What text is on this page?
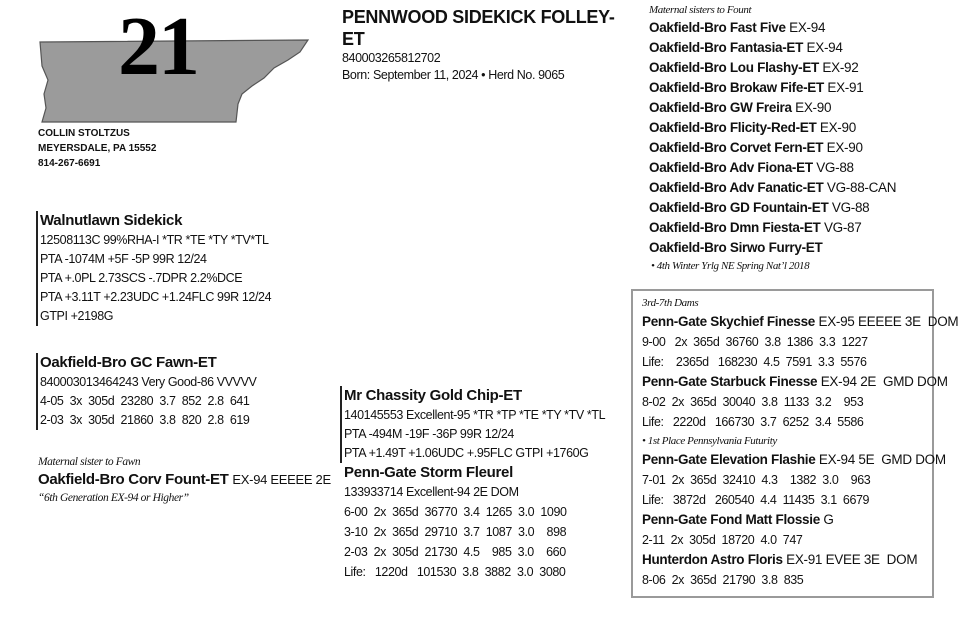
21	PENNWOOD SIDEKICK FOLLEY-ET
840003265812702
Born: September 11, 2024 • Herd No. 9065
COLLIN STOLTZUS
MEYERSDALE, PA 15552
814-267-6691
Walnutlawn Sidekick
12508113C 99%RHA-I *TR *TE *TY *TV*TL
PTA -1074M +5F -5P 99R 12/24
PTA +.0PL 2.73SCS -.7DPR 2.2%DCE
PTA +3.11T +2.23UDC +1.24FLC 99R 12/24
GTPI +2198G
Oakfield-Bro GC Fawn-ET
840003013464243 Very Good-86 VVVVV
4-05  3x  305d  23280  3.7  852  2.8  641
2-03  3x  305d  21860  3.8  820  2.8  619
Maternal sister to Fawn
Oakfield-Bro Corv Fount-ET EX-94 EEEEE 2E
“6th Generation EX-94 or Higher”
Maternal sisters to Fount
Oakfield-Bro Fast Five EX-94
Oakfield-Bro Fantasia-ET EX-94
Oakfield-Bro Lou Flashy-ET EX-92
Oakfield-Bro Brokaw Fife-ET EX-91
Oakfield-Bro GW Freira EX-90
Oakfield-Bro Flicity-Red-ET EX-90
Oakfield-Bro Corvet Fern-ET EX-90
Oakfield-Bro Adv Fiona-ET VG-88
Oakfield-Bro Adv Fanatic-ET VG-88-CAN
Oakfield-Bro GD Fountain-ET VG-88
Oakfield-Bro Dmn Fiesta-ET VG-87
Oakfield-Bro Sirwo Furry-ET
• 4th Winter Yrlg NE Spring Nat’l 2018
Mr Chassity Gold Chip-ET
140145553 Excellent-95 *TR *TP *TE *TY *TV *TL
PTA -494M -19F -36P 99R 12/24
PTA +1.49T +1.06UDC +.95FLC GTPI +1760G
Penn-Gate Storm Fleurel
133933714 Excellent-94 2E DOM
6-00  2x  365d  36770  3.4  1265  3.0  1090
3-10  2x  365d  29710  3.7  1087  3.0    898
2-03  2x  305d  21730  4.5    985  3.0    660
Life:   1220d   101530  3.8  3882  3.0  3080
3rd-7th Dams
Penn-Gate Skychief Finesse EX-95 EEEEE 3E  DOM
9-00   2x  365d  36760  3.8  1386  3.3  1227
Life:    2365d   168230  4.5  7591  3.3  5576
Penn-Gate Starbuck Finesse EX-94 2E  GMD DOM
8-02  2x  365d  30040  3.8  1133  3.2    953
Life:   2220d   166730  3.7  6252  3.4  5586
• 1st Place Pennsylvania Futurity
Penn-Gate Elevation Flashie EX-94 5E  GMD DOM
7-01  2x  365d  32410  4.3    1382  3.0    963
Life:   3872d   260540  4.4  11435  3.1  6679
Penn-Gate Fond Matt Flossie G
2-11  2x  305d  18720  4.0  747
Hunterdon Astro Floris EX-91 EVEE 3E  DOM
8-06  2x  365d  21790  3.8  835
